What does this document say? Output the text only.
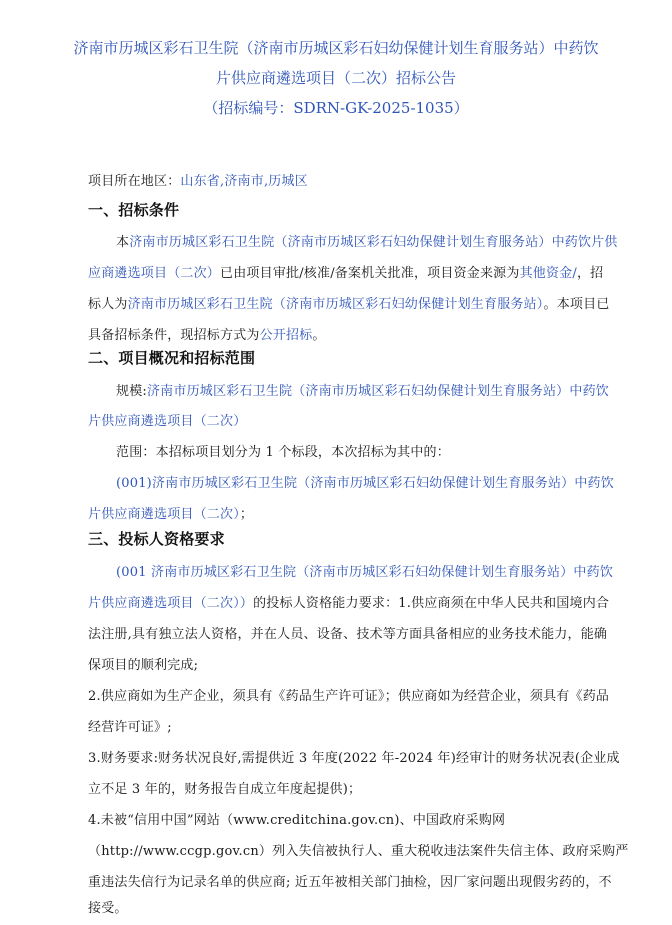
济南市历城区彩石卫生院（济南市历城区彩石妇幼保健计划生育服务站）中药饮
片供应商遴选项目（二次）招标公告
（招标编号：SDRN-GK-2025-1035）
项目所在地区：山东省,济南市,历城区
一、招标条件
本济南市历城区彩石卫生院（济南市历城区彩石妇幼保健计划生育服务站）中药饮片供
应商遴选项目（二次）已由项目审批/核准/备案机关批准，项目资金来源为其他资金/，招
标人为济南市历城区彩石卫生院（济南市历城区彩石妇幼保健计划生育服务站）。本项目已
具备招标条件，现招标方式为公开招标。
二、项目概况和招标范围
规模:济南市历城区彩石卫生院（济南市历城区彩石妇幼保健计划生育服务站）中药饮
片供应商遴选项目（二次）
范围：本招标项目划分为 1 个标段，本次招标为其中的：
(001)济南市历城区彩石卫生院（济南市历城区彩石妇幼保健计划生育服务站）中药饮
片供应商遴选项目（二次）；
三、投标人资格要求
(001 济南市历城区彩石卫生院（济南市历城区彩石妇幼保健计划生育服务站）中药饮
片供应商遴选项目（二次））的投标人资格能力要求：1.供应商须在中华人民共和国境内合
法注册,具有独立法人资格，并在人员、设备、技术等方面具备相应的业务技术能力，能确
保项目的顺利完成;
2.供应商如为生产企业，须具有《药品生产许可证》；供应商如为经营企业，须具有《药品
经营许可证》;
3.财务要求:财务状况良好,需提供近 3 年度(2022 年-2024 年)经审计的财务状况表(企业成
立不足 3 年的，财务报告自成立年度起提供)；
4.未被“信用中国”网站（www.creditchina.gov.cn)、中国政府采购网
（http://www.ccgp.gov.cn）列入失信被执行人、重大税收违法案件失信主体、政府采购严
重违法失信行为记录名单的供应商; 近五年被相关部门抽检，因厂家问题出现假劣药的，不
接受。
